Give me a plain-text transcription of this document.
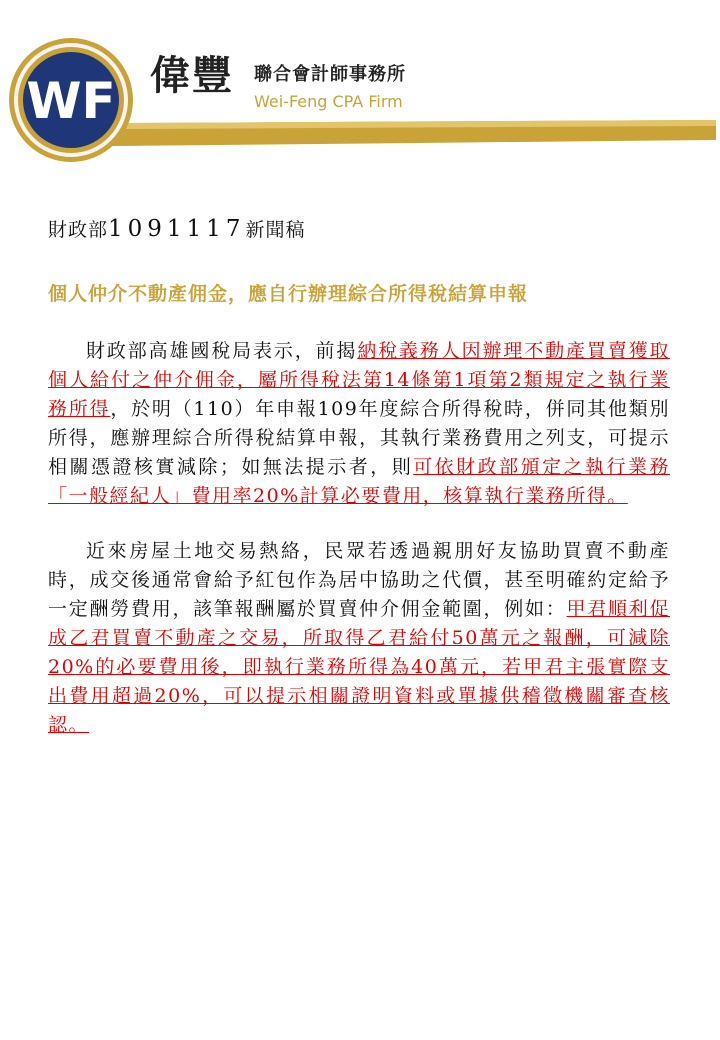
WF 偉豐 聯合會計師事務所
Wei-Feng CPA Firm
財政部1091117新聞稿
個人仲介不動產佣金，應自行辦理綜合所得稅結算申報

財政部高雄國稅局表示，前揭納稅義務人因辦理不動產買賣獲取個人給付之仲介佣金，屬所得稅法第14條第1項第2類規定之執行業務所得，於明（110）年申報109年度綜合所得稅時，併同其他類別所得，應辦理綜合所得稅結算申報，其執行業務費用之列支，可提示相關憑證核實減除；如無法提示者，則可依財政部頒定之執行業務「一般經紀人」費用率20%計算必要費用，核算執行業務所得。

近來房屋土地交易熱絡，民眾若透過親朋好友協助買賣不動產時，成交後通常會給予紅包作為居中協助之代價，甚至明確約定給予一定酬勞費用，該筆報酬屬於買賣仲介佣金範圍，例如：甲君順利促成乙君買賣不動產之交易，所取得乙君給付50萬元之報酬，可減除20%的必要費用後，即執行業務所得為40萬元，若甲君主張實際支出費用超過20%，可以提示相關證明資料或單據供稽徵機關審查核認。
